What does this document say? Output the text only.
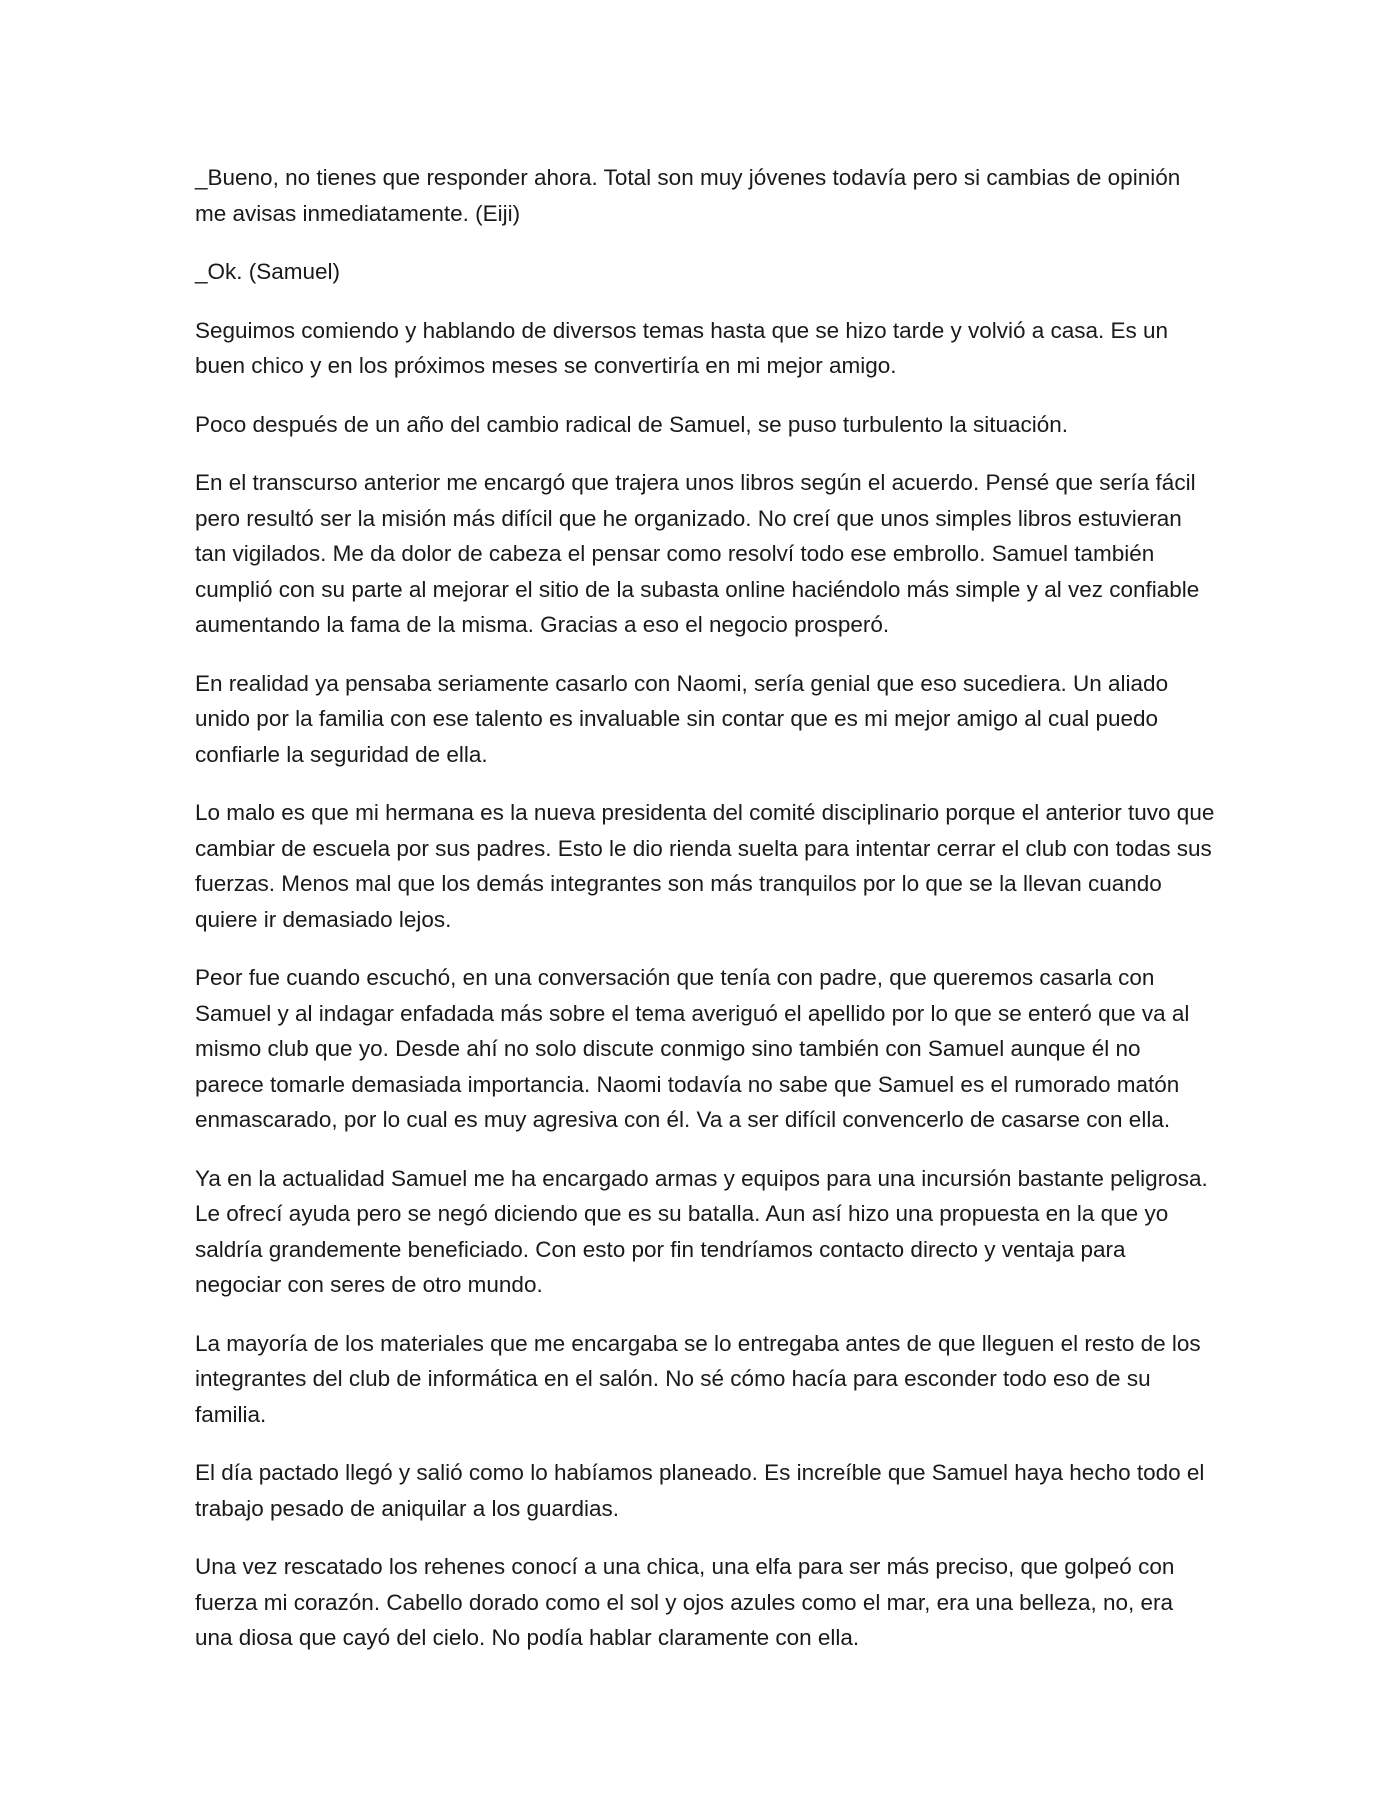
_Bueno, no tienes que responder ahora. Total son muy jóvenes todavía pero si cambias de opinión me avisas inmediatamente. (Eiji)

_Ok. (Samuel)

Seguimos comiendo y hablando de diversos temas hasta que se hizo tarde y volvió a casa. Es un buen chico y en los próximos meses se convertiría en mi mejor amigo.

Poco después de un año del cambio radical de Samuel, se puso turbulento la situación.

En el transcurso anterior me encargó que trajera unos libros según el acuerdo. Pensé que sería fácil pero resultó ser la misión más difícil que he organizado. No creí que unos simples libros estuvieran tan vigilados. Me da dolor de cabeza el pensar como resolví todo ese embrollo. Samuel también cumplió con su parte al mejorar el sitio de la subasta online haciéndolo más simple y al vez confiable aumentando la fama de la misma. Gracias a eso el negocio prosperó.

En realidad ya pensaba seriamente casarlo con Naomi, sería genial que eso sucediera. Un aliado unido por la familia con ese talento es invaluable sin contar que es mi mejor amigo al cual puedo confiarle la seguridad de ella.

Lo malo es que mi hermana es la nueva presidenta del comité disciplinario porque el anterior tuvo que cambiar de escuela por sus padres. Esto le dio rienda suelta para intentar cerrar el club con todas sus fuerzas. Menos mal que los demás integrantes son más tranquilos por lo que se la llevan cuando quiere ir demasiado lejos.

Peor fue cuando escuchó, en una conversación que tenía con padre, que queremos casarla con Samuel y al indagar enfadada más sobre el tema averiguó el apellido por lo que se enteró que va al mismo club que yo. Desde ahí no solo discute conmigo sino también con Samuel aunque él no parece tomarle demasiada importancia. Naomi todavía no sabe que Samuel es el rumorado matón enmascarado, por lo cual es muy agresiva con él. Va a ser difícil convencerlo de casarse con ella.

Ya en la actualidad Samuel me ha encargado armas y equipos para una incursión bastante peligrosa. Le ofrecí ayuda pero se negó diciendo que es su batalla. Aun así hizo una propuesta en la que yo saldría grandemente beneficiado. Con esto por fin tendríamos contacto directo y ventaja para negociar con seres de otro mundo.

La mayoría de los materiales que me encargaba se lo entregaba antes de que lleguen el resto de los integrantes del club de informática en el salón. No sé cómo hacía para esconder todo eso de su familia.

El día pactado llegó y salió como lo habíamos planeado. Es increíble que Samuel haya hecho todo el trabajo pesado de aniquilar a los guardias.

Una vez rescatado los rehenes conocí a una chica, una elfa para ser más preciso, que golpeó con fuerza mi corazón. Cabello dorado como el sol y ojos azules como el mar, era una belleza, no, era una diosa que cayó del cielo. No podía hablar claramente con ella.
